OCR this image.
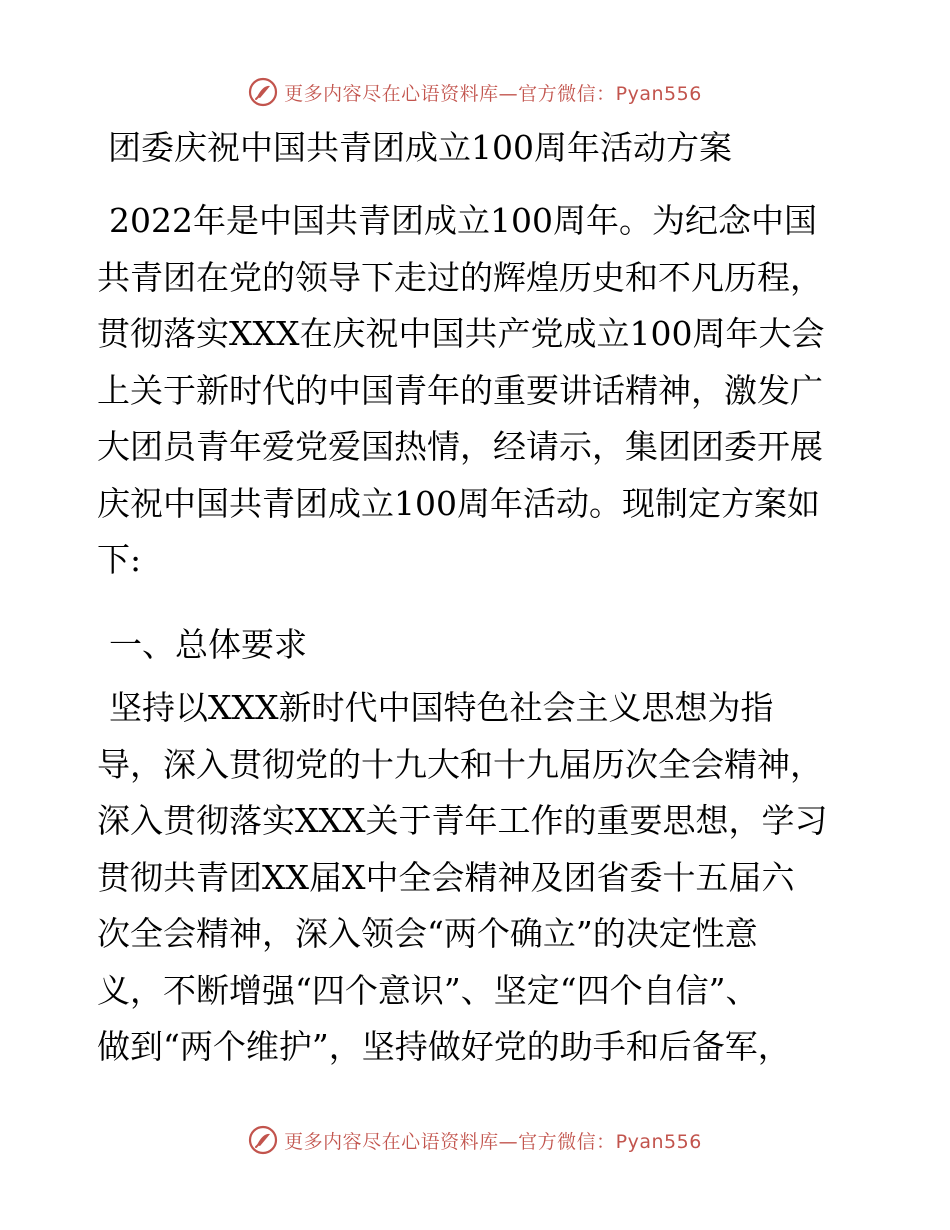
更多内容尽在心语资料库—官方微信：Pyan556
团委庆祝中国共青团成立100周年活动方案
2022年是中国共青团成立100周年。为纪念中国
共青团在党的领导下走过的辉煌历史和不凡历程，
贯彻落实XXX在庆祝中国共产党成立100周年大会
上关于新时代的中国青年的重要讲话精神，激发广
大团员青年爱党爱国热情，经请示，集团团委开展
庆祝中国共青团成立100周年活动。现制定方案如
下:
一、总体要求
坚持以XXX新时代中国特色社会主义思想为指
导，深入贯彻党的十九大和十九届历次全会精神，
深入贯彻落实XXX关于青年工作的重要思想，学习
贯彻共青团XX届X中全会精神及团省委十五届六
次全会精神，深入领会“两个确立”的决定性意
义，不断增强“四个意识”、坚定“四个自信”、
做到“两个维护”，坚持做好党的助手和后备军，
更多内容尽在心语资料库—官方微信：Pyan556
